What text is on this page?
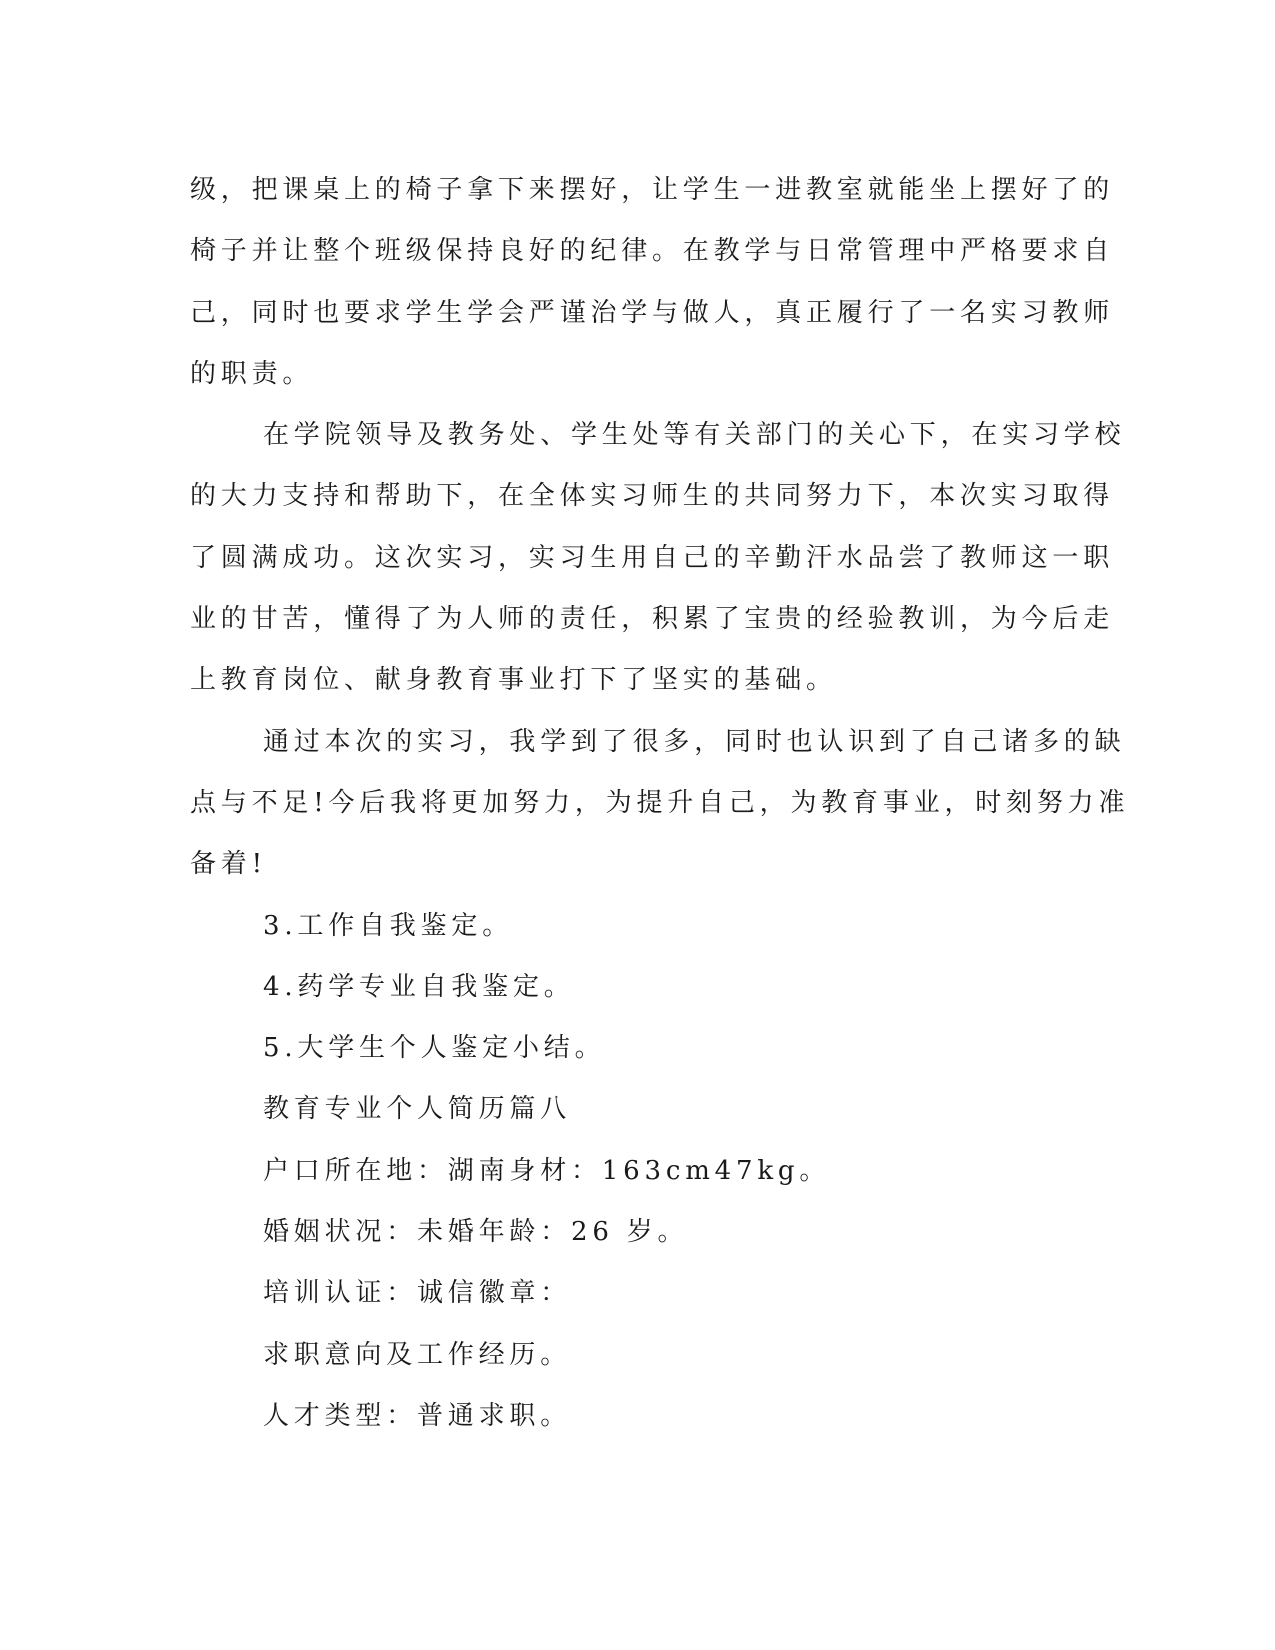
级，把课桌上的椅子拿下来摆好，让学生一进教室就能坐上摆好了的
椅子并让整个班级保持良好的纪律。在教学与日常管理中严格要求自
己，同时也要求学生学会严谨治学与做人，真正履行了一名实习教师
的职责。
在学院领导及教务处、学生处等有关部门的关心下，在实习学校
的大力支持和帮助下，在全体实习师生的共同努力下，本次实习取得
了圆满成功。这次实习，实习生用自己的辛勤汗水品尝了教师这一职
业的甘苦，懂得了为人师的责任，积累了宝贵的经验教训，为今后走
上教育岗位、献身教育事业打下了坚实的基础。
通过本次的实习，我学到了很多，同时也认识到了自己诸多的缺
点与不足!今后我将更加努力，为提升自己，为教育事业，时刻努力准
备着!
3.工作自我鉴定。
4.药学专业自我鉴定。
5.大学生个人鉴定小结。
教育专业个人简历篇八
户口所在地：湖南身材：163cm47kg。
婚姻状况：未婚年龄：26 岁。
培训认证：诚信徽章：
求职意向及工作经历。
人才类型：普通求职。
